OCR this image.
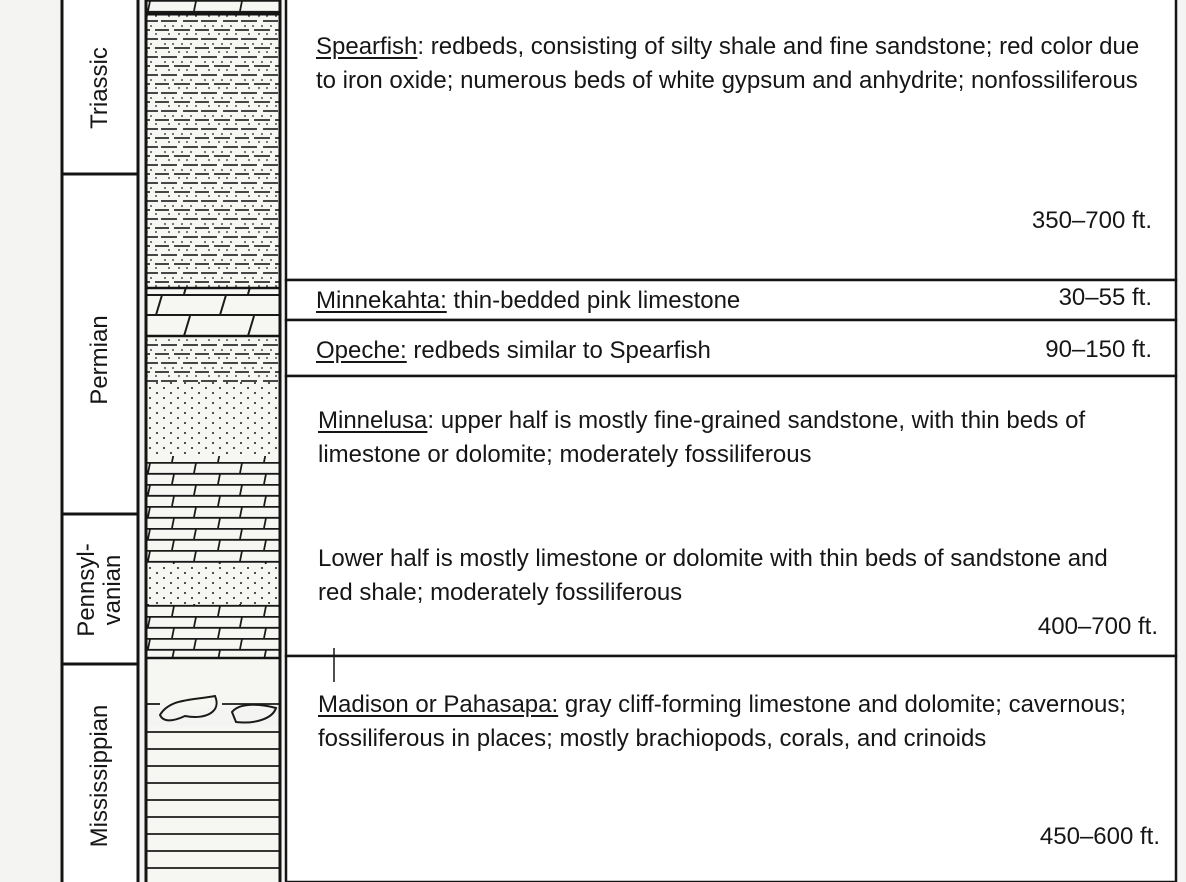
Triassic
Permian
Pennsyl-
vanian
Mississippian
Spearfish: redbeds, consisting of silty shale and fine sandstone; red color due to iron oxide; numerous beds of white gypsum and anhydrite; nonfossiliferous
350–700 ft.
Minnekahta: thin-bedded pink limestone	30–55 ft.
Opeche: redbeds similar to Spearfish	90–150 ft.
Minnelusa: upper half is mostly fine-grained sandstone, with thin beds of limestone or dolomite; moderately fossiliferous
Lower half is mostly limestone or dolomite with thin beds of sandstone and red shale; moderately fossiliferous
400–700 ft.
Madison or Pahasapa: gray cliff-forming limestone and dolomite; cavernous; fossiliferous in places; mostly brachiopods, corals, and crinoids
450–600 ft.
